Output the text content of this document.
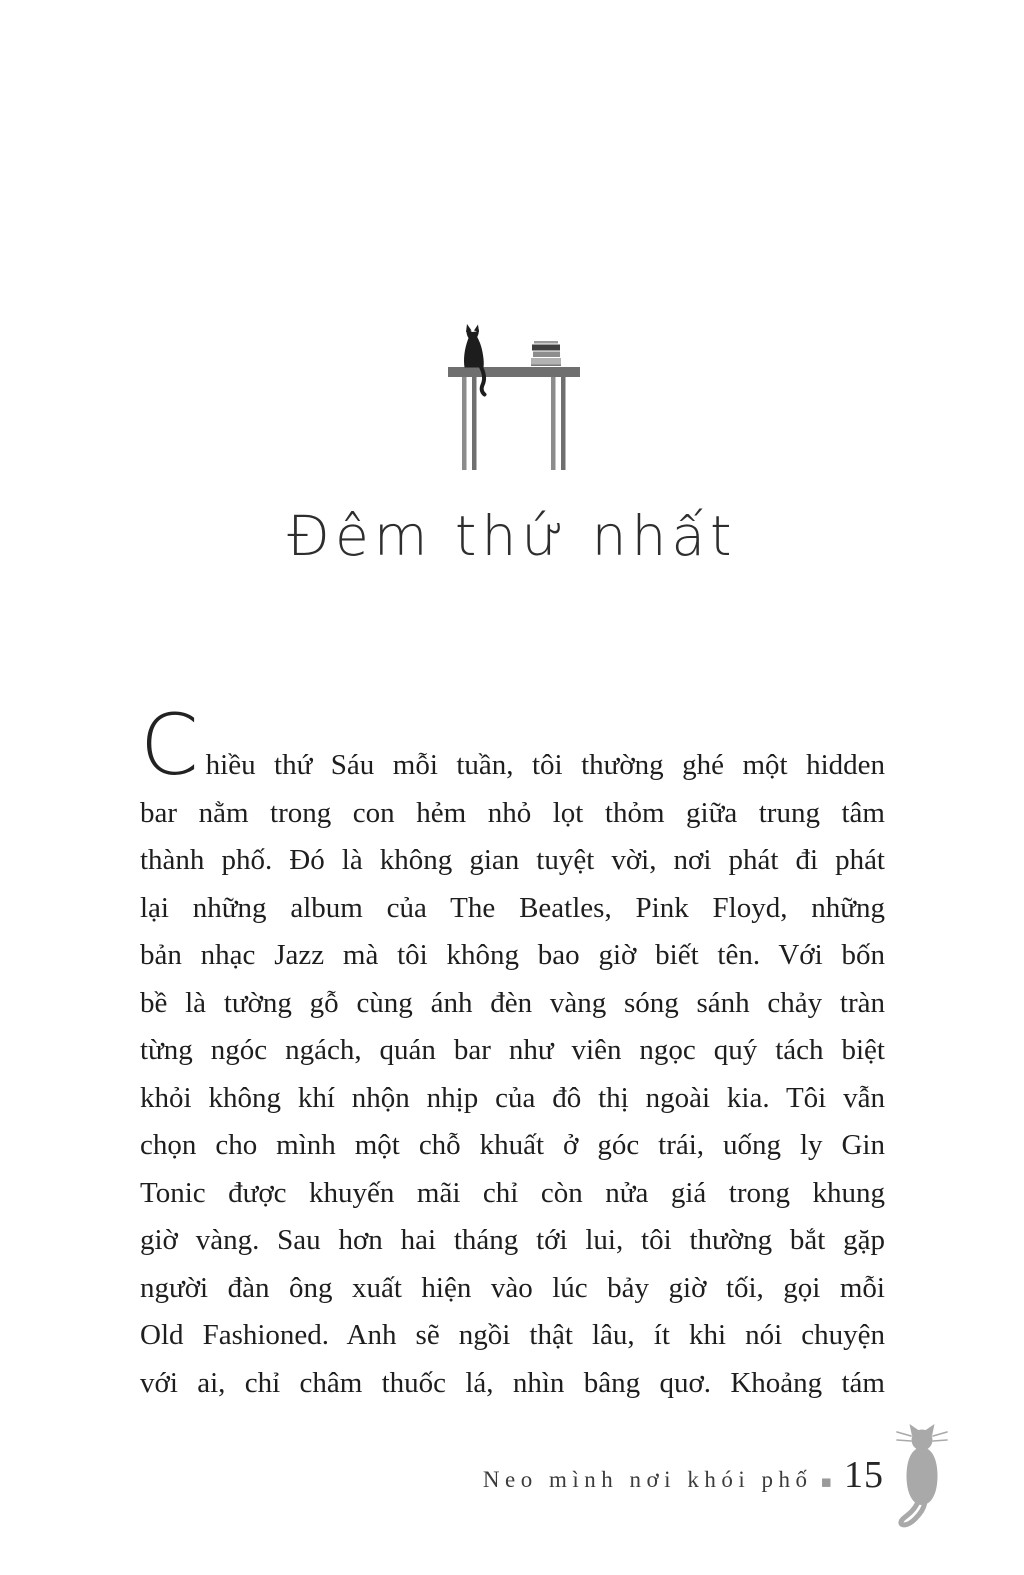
Đêm thứ nhất
Chiều thứ Sáu mỗi tuần, tôi thường ghé một hidden
bar nằm trong con hẻm nhỏ lọt thỏm giữa trung tâm
thành phố. Đó là không gian tuyệt vời, nơi phát đi phát
lại những album của The Beatles, Pink Floyd, những
bản nhạc Jazz mà tôi không bao giờ biết tên. Với bốn
bề là tường gỗ cùng ánh đèn vàng sóng sánh chảy tràn
từng ngóc ngách, quán bar như viên ngọc quý tách biệt
khỏi không khí nhộn nhịp của đô thị ngoài kia. Tôi vẫn
chọn cho mình một chỗ khuất ở góc trái, uống ly Gin
Tonic được khuyến mãi chỉ còn nửa giá trong khung
giờ vàng. Sau hơn hai tháng tới lui, tôi thường bắt gặp
người đàn ông xuất hiện vào lúc bảy giờ tối, gọi mỗi
Old Fashioned. Anh sẽ ngồi thật lâu, ít khi nói chuyện
với ai, chỉ châm thuốc lá, nhìn bâng quơ. Khoảng tám
Neo mình nơi khói phố ▪ 15
